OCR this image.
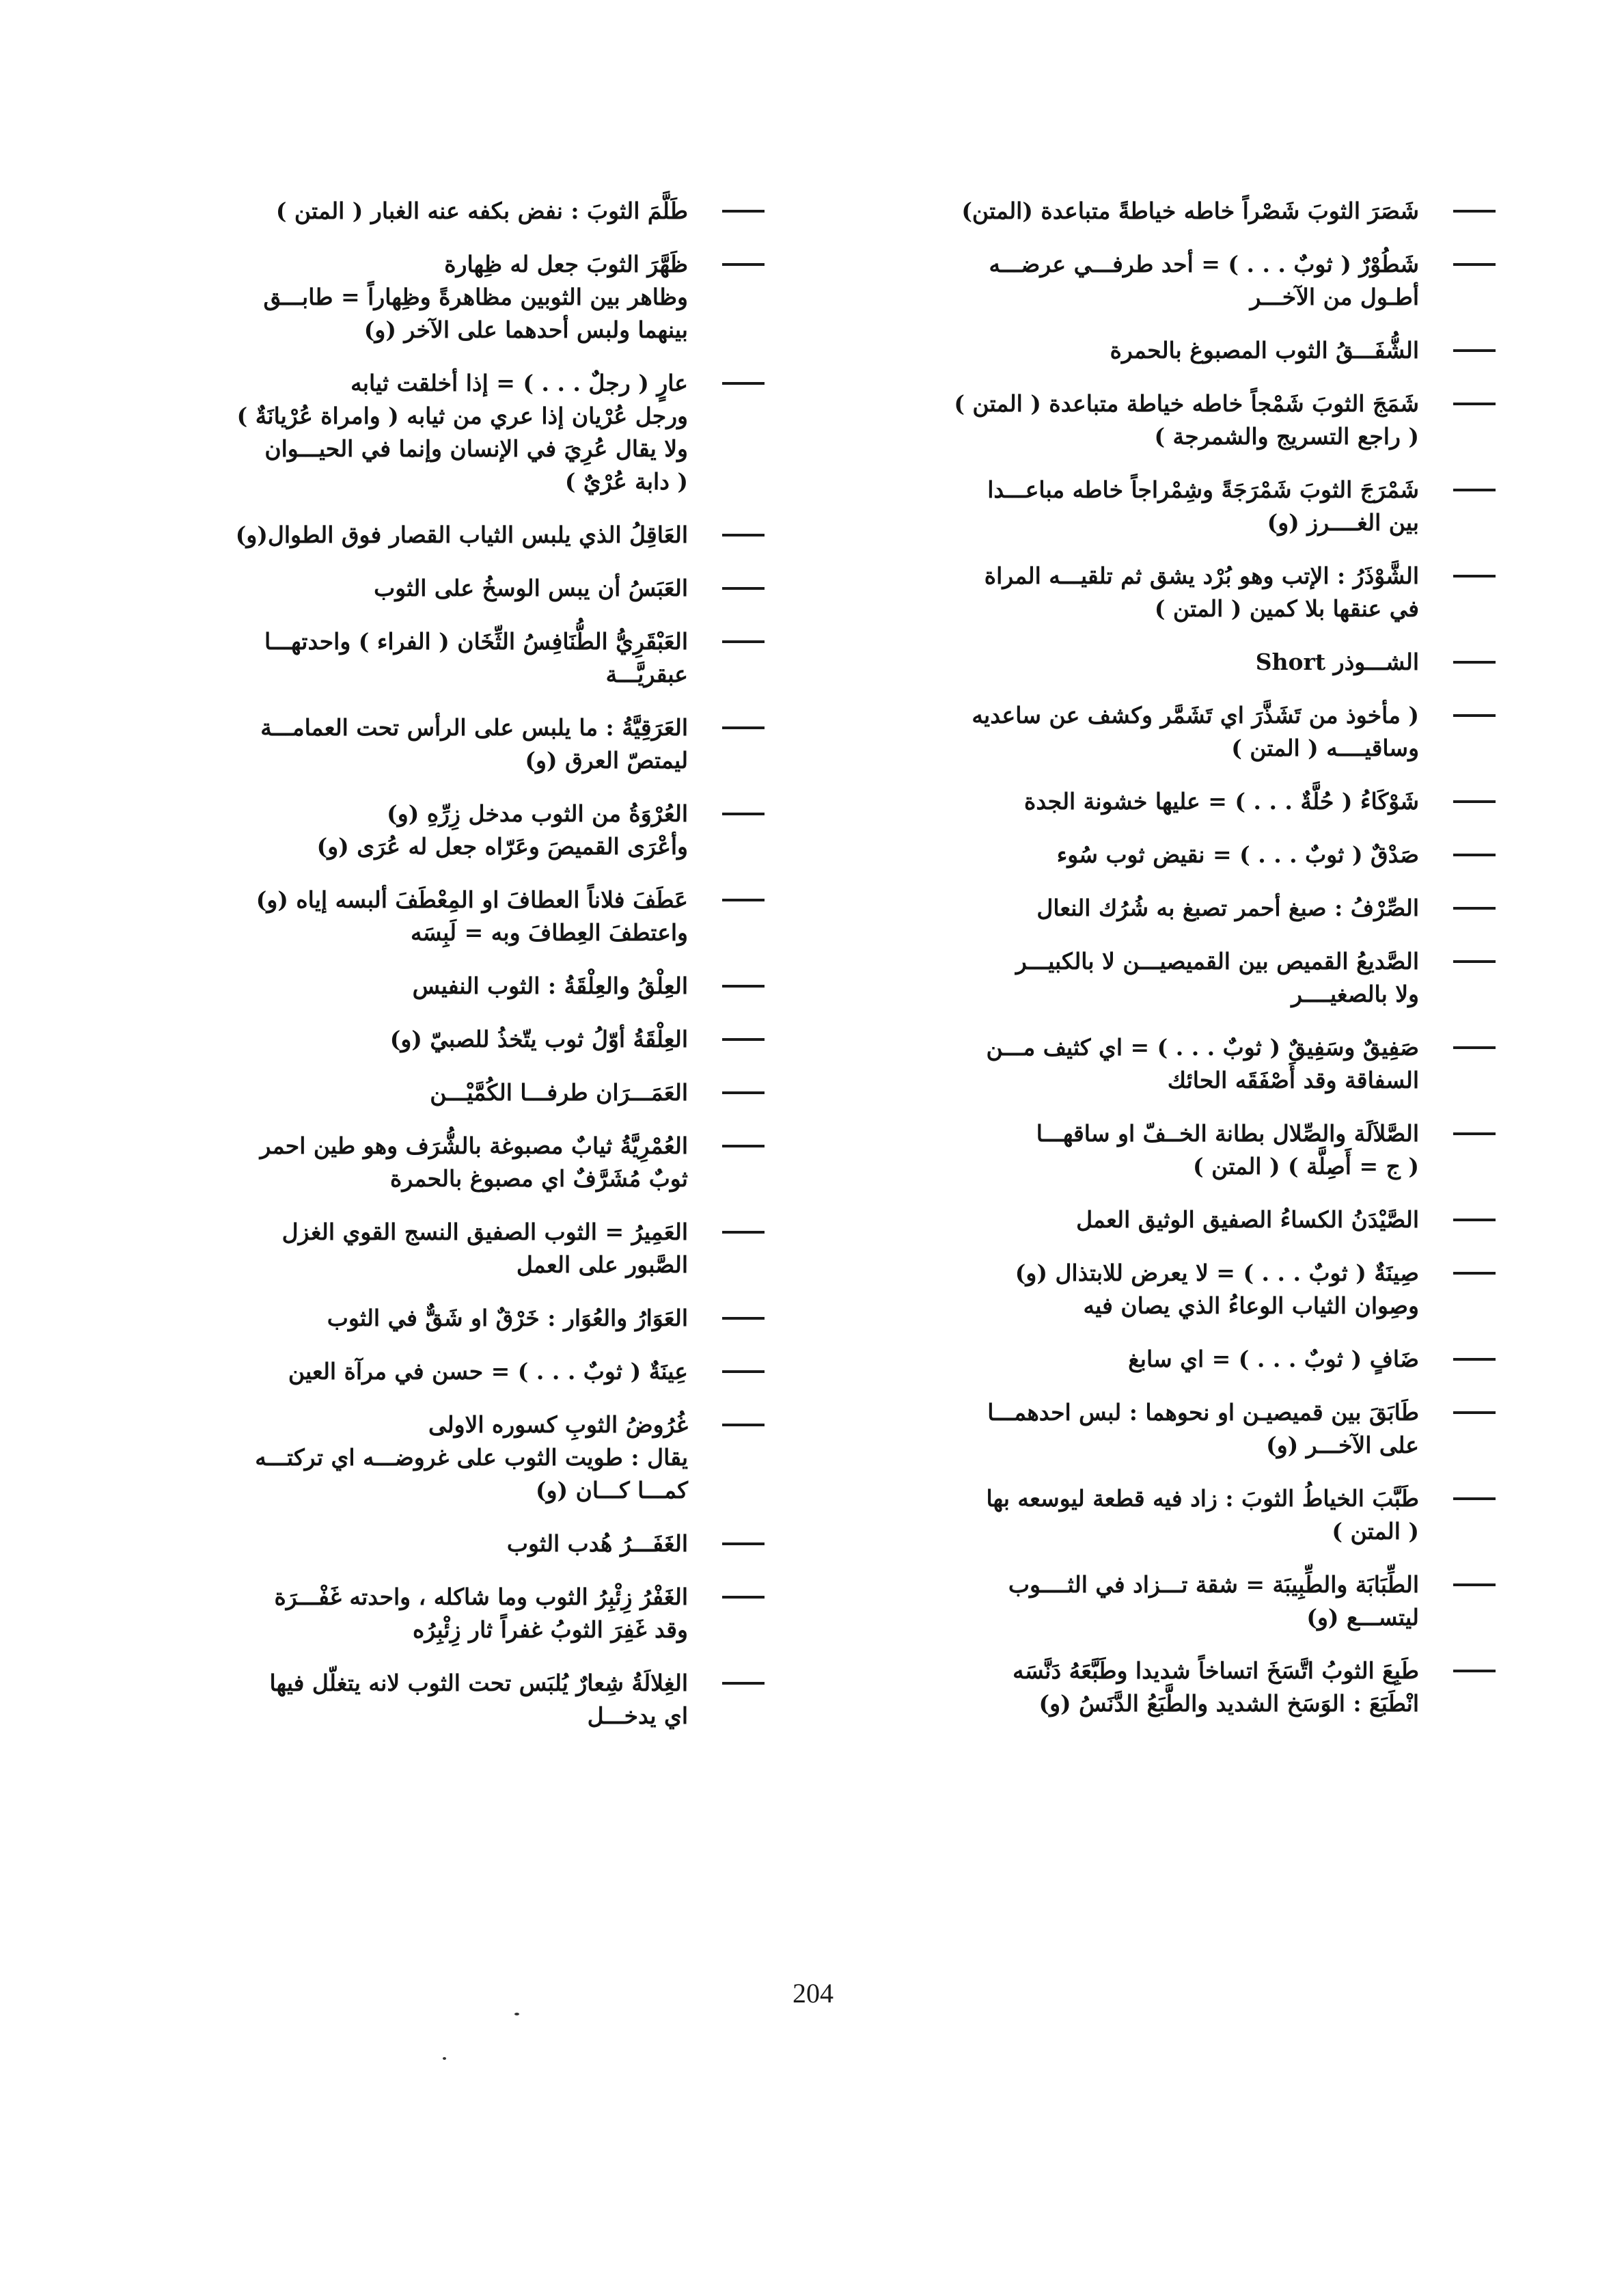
شَصَرَ الثوبَ شَصْراً خاطه خياطةً متباعدة (المتن)
شَطُوْرٌ ( ثوبٌ . . . ) = أحد طرفـــي عرضـــه
أطـول من الآخـــر
الشُّفَـــقُ الثوب المصبوغ بالحمرة
شَمَجَ الثوبَ شَمْجاً خاطه خياطة متباعدة ( المتن )
( راجع التسريج والشمرجة )
شَمْرَجَ الثوبَ شَمْرَجَةً وشِمْراجاً خاطه مباعـــدا
بين الغــــرز (و)
الشَّوْذَرُ : الإتب وهو بُرْد يشق ثم تلقيـــه المراة
في عنقها بلا كمين ( المتن )
الشـــوذر Short
( مأخوذ من تَشَذَّرَ اي تَشَمَّر وكشف عن ساعديه
وساقيــــه ( المتن )
شَوْكَاءُ ( حُلَّةٌ . . . ) = عليها خشونة الجدة
صَدْقٌ ( ثوبٌ . . . ) = نقيض ثوب سُوء
الصِّرْفُ : صبغ أحمر تصبغ به شُرُك النعال
الصَّديعُ القميص بين القميصيـــن لا بالكبيـــر
ولا بالصغيــــر
صَفِيقٌ وسَفِيقٌ ( ثوبٌ . . . ) = اي كثيف مـــن
السفاقة وقد أَصْفَقَه الحائك
الصَّلاَلَة والصِّلال بطانة الخــفّ او ساقهـــا
( ج = أَصِلَّة ) ( المتن )
الصَّيْدَنُ الكساءُ الصفيق الوثيق العمل
صِينَةٌ ( ثوبٌ . . . ) = لا يعرض للابتذال (و)
وصِوان الثياب الوعاءُ الذي يصان فيه
ضَافٍ ( ثوبٌ . . . ) = اي سابغ
طَابَقَ بين قميصيـن او نحوهما : لبس احدهمـــا
على الآخـــر (و)
طَبَّبَ الخياطُ الثوبَ : زاد فيه قطعة ليوسعه بها
( المتن )
الطِّبَابَة والطِّبِيبَة = شقة تـــزاد في الثــــوب
ليتســـع (و)
طَبِعَ الثوبُ اتَّسَخَ اتساخاً شديدا وطَبَّعَهُ دَنَّسَه
انْطَبَعَ : الوَسَخ الشديد والطَّبَعُ الدَّنَسُ (و)
طَلَّمَ الثوبَ : نفض بكفه عنه الغبار ( المتن )
ظَهَّرَ الثوبَ جعل له ظِهارة
وظاهر بين الثوبين مظاهرةً وظِهاراً = طابـــق
بينهما ولبس أحدهما على الآخر (و)
عارٍ ( رجلٌ . . . ) = إذا أخلقت ثيابه
ورجل عُرْيان إذا عري من ثيابه ( وامراة عُرْيانَةٌ )
ولا يقال عُرِيَ في الإنسان وإنما في الحيـــوان
( دابة عُرْيٌ )
العَاقِلُ الذي يلبس الثياب القصار فوق الطوال(و)
العَبَسُ أن يبس الوسخُ على الثوب
العَبْقَرِيُّ الطُّنَافِسُ الثِّخَان ( الفراء ) واحدتهـــا
عبقريَّـــة
العَرَقِيَّةُ : ما يلبس على الرأس تحت العمامـــة
ليمتصّ العرق (و)
العُرْوَةُ من الثوب مدخل زِرِّهِ (و)
وأعْرَى القميصَ وعَرّاه جعل له عُرَى (و)
عَطَفَ فلاناً العطافَ او المِعْطَفَ ألبسه إياه (و)
واعتطفَ العِطافَ وبه = لَبِسَه
العِلْقُ والعِلْقَةُ : الثوب النفيس
العِلْقَةُ أوّلُ ثوب يتّخذُ للصبيّ (و)
العَمَـــرَان طرفـــا الكُمَّيْـــن
العُمْرِيَّةُ ثيابٌ مصبوغة بالشُّرَف وهو طين احمر
ثوبٌ مُشَرَّفٌ اي مصبوغ بالحمرة
العَمِيرُ = الثوب الصفيق النسج القوي الغزل
الصَّبور على العمل
العَوَارُ والعُوَار : خَرْقٌ او شَقٌّ في الثوب
عِينَةٌ ( ثوبٌ . . . ) = حسن في مرآة العين
غُرُوضُ الثوبِ كسوره الاولى
يقال : طويت الثوب على غروضـــه اي تركتـــه
كمـــا كـــان (و)
الغَفَـــرُ هُدب الثوب
الغَفْرُ زِئْبِرُ الثوب وما شاكله ، واحدته غَفْـــرَة
وقد غَفِرَ الثوبُ غفراً ثار زِئْبِرُه
الغِلالَةُ شِعارٌ يُلبَس تحت الثوب لانه يتغلّل فيها
اي يدخـــل
204
